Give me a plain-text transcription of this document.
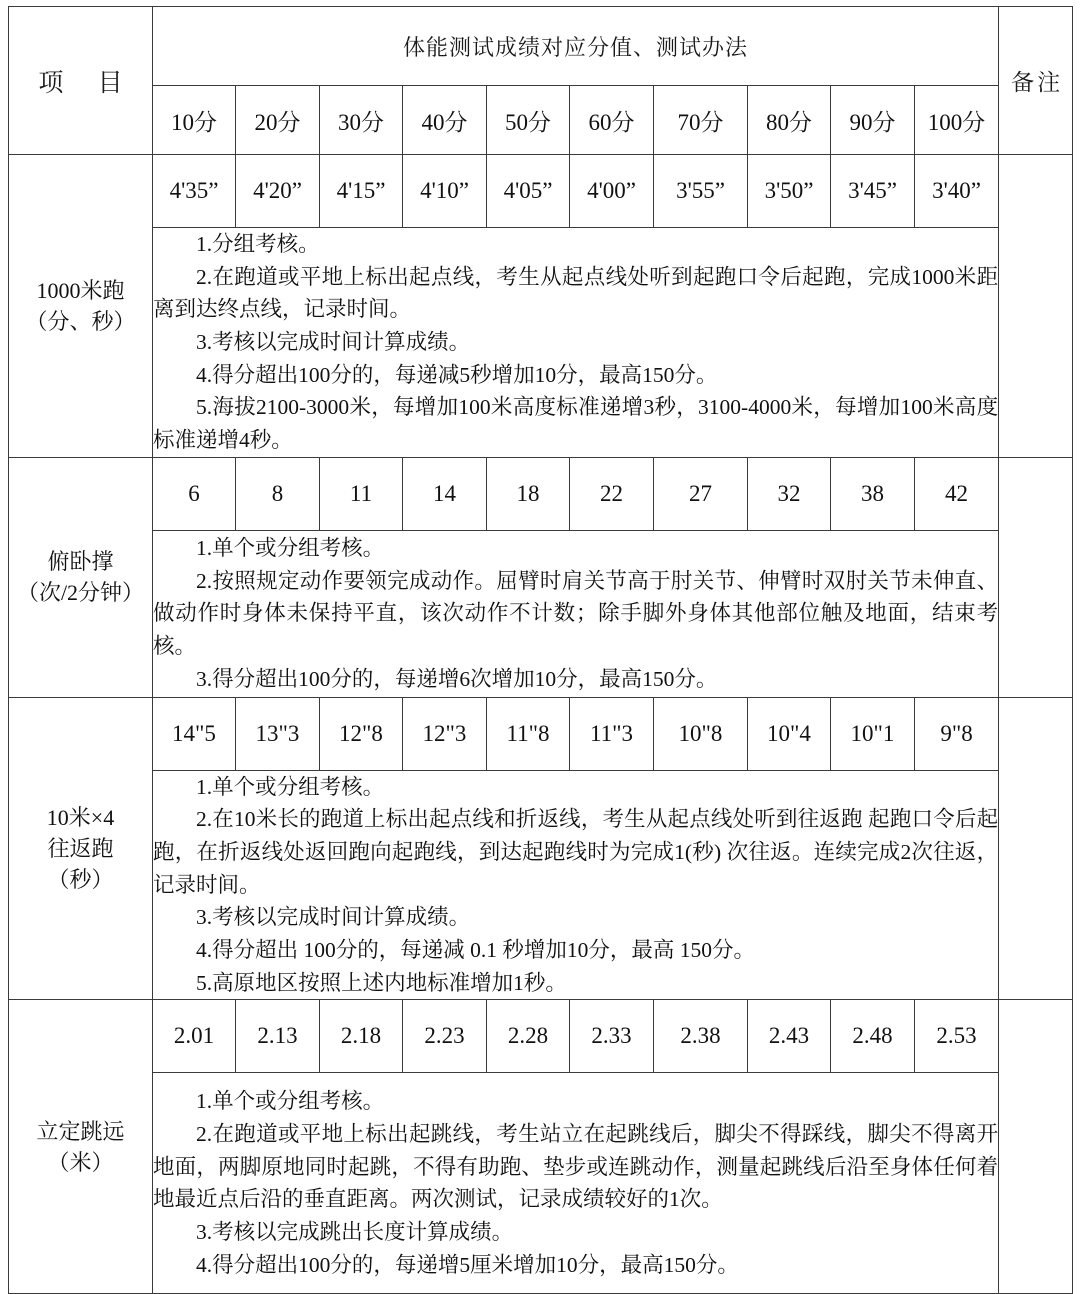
项 目	体能测试成绩对应分值、测试办法										备注
	10分	20分	30分	40分	50分	60分	70分	80分	90分	100分	

1000米跑
（分、秒）	4'35”	4'20”	4'15”	4'10”	4'05”	4'00”	3'55”	3'50”	3'45”	3'40”	

	1.分组考核。

2.在跑道或平地上标出起点线，考生从起点线处听到起跑口令后起跑，完成1000米距离到达终点线，记录时间。

3.考核以完成时间计算成绩。

4.得分超出100分的，每递减5秒增加10分，最高150分。

5.海拔2100-3000米，每增加100米高度标准递增3秒，3100-4000米，每增加100米高度标准递增4秒。										

俯卧撑
（次/2分钟）	6	8	11	14	18	22	27	32	38	42	

	1.单个或分组考核。

2.按照规定动作要领完成动作。屈臂时肩关节高于肘关节、伸臂时双肘关节未伸直、做动作时身体未保持平直，该次动作不计数；除手脚外身体其他部位触及地面，结束考核。

3.得分超出100分的，每递增6次增加10分，最高150分。										

10米×4
往返跑
（秒）	14"5	13"3	12"8	12"3	11"8	11"3	10"8	10"4	10"1	9"8	

	1.单个或分组考核。

2.在10米长的跑道上标出起点线和折返线，考生从起点线处听到往返跑 起跑口令后起跑，在折返线处返回跑向起跑线，到达起跑线时为完成1(秒) 次往返。连续完成2次往返，记录时间。

3.考核以完成时间计算成绩。

4.得分超出 100分的，每递减 0.1 秒增加10分，最高 150分。

5.高原地区按照上述内地标准增加1秒。										

立定跳远
（米）	2.01	2.13	2.18	2.23	2.28	2.33	2.38	2.43	2.48	2.53	

	1.单个或分组考核。

2.在跑道或平地上标出起跳线，考生站立在起跳线后，脚尖不得踩线，脚尖不得离开地面，两脚原地同时起跳，不得有助跑、垫步或连跳动作，测量起跳线后沿至身体任何着地最近点后沿的垂直距离。两次测试，记录成绩较好的1次。

3.考核以完成跳出长度计算成绩。

4.得分超出100分的，每递增5厘米增加10分，最高150分。										
